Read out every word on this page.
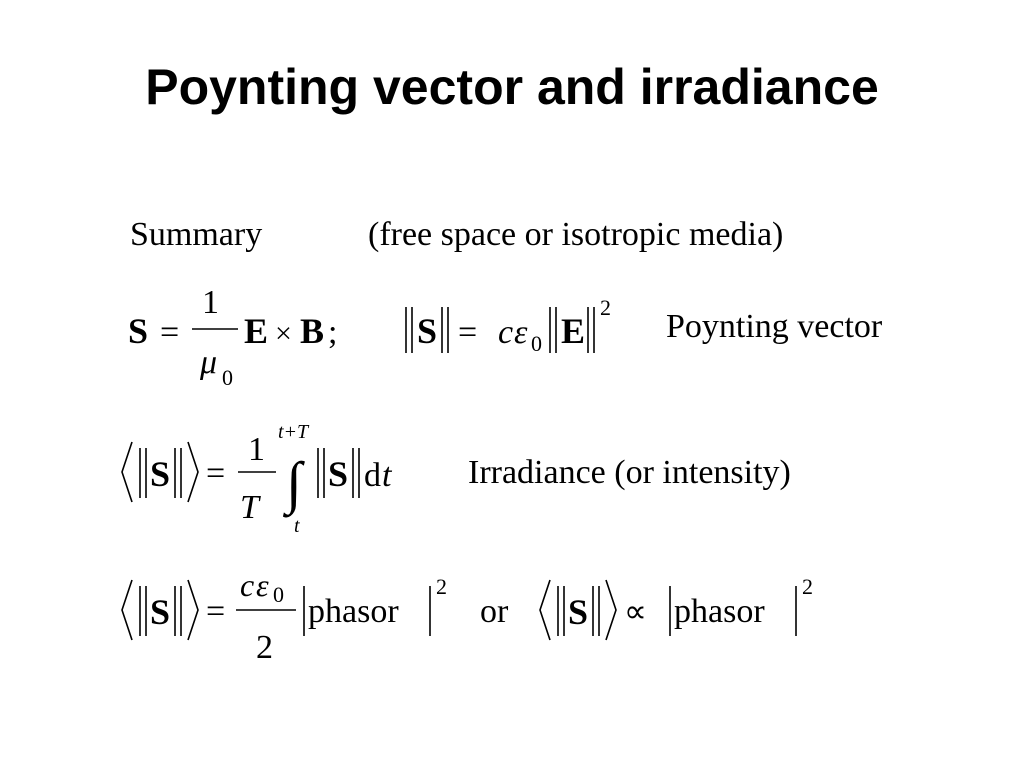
Poynting vector and irradiance
Summary	(free space or isotropic media)
S =
1
μ 0
E × B ; S = c ε 0 E
2
Poynting vector
S =
1
T ∫
t+T
t
S d t Irradiance (or intensity)
S =
c ε 0
2
phasor
2
or S ∝ phasor
2
